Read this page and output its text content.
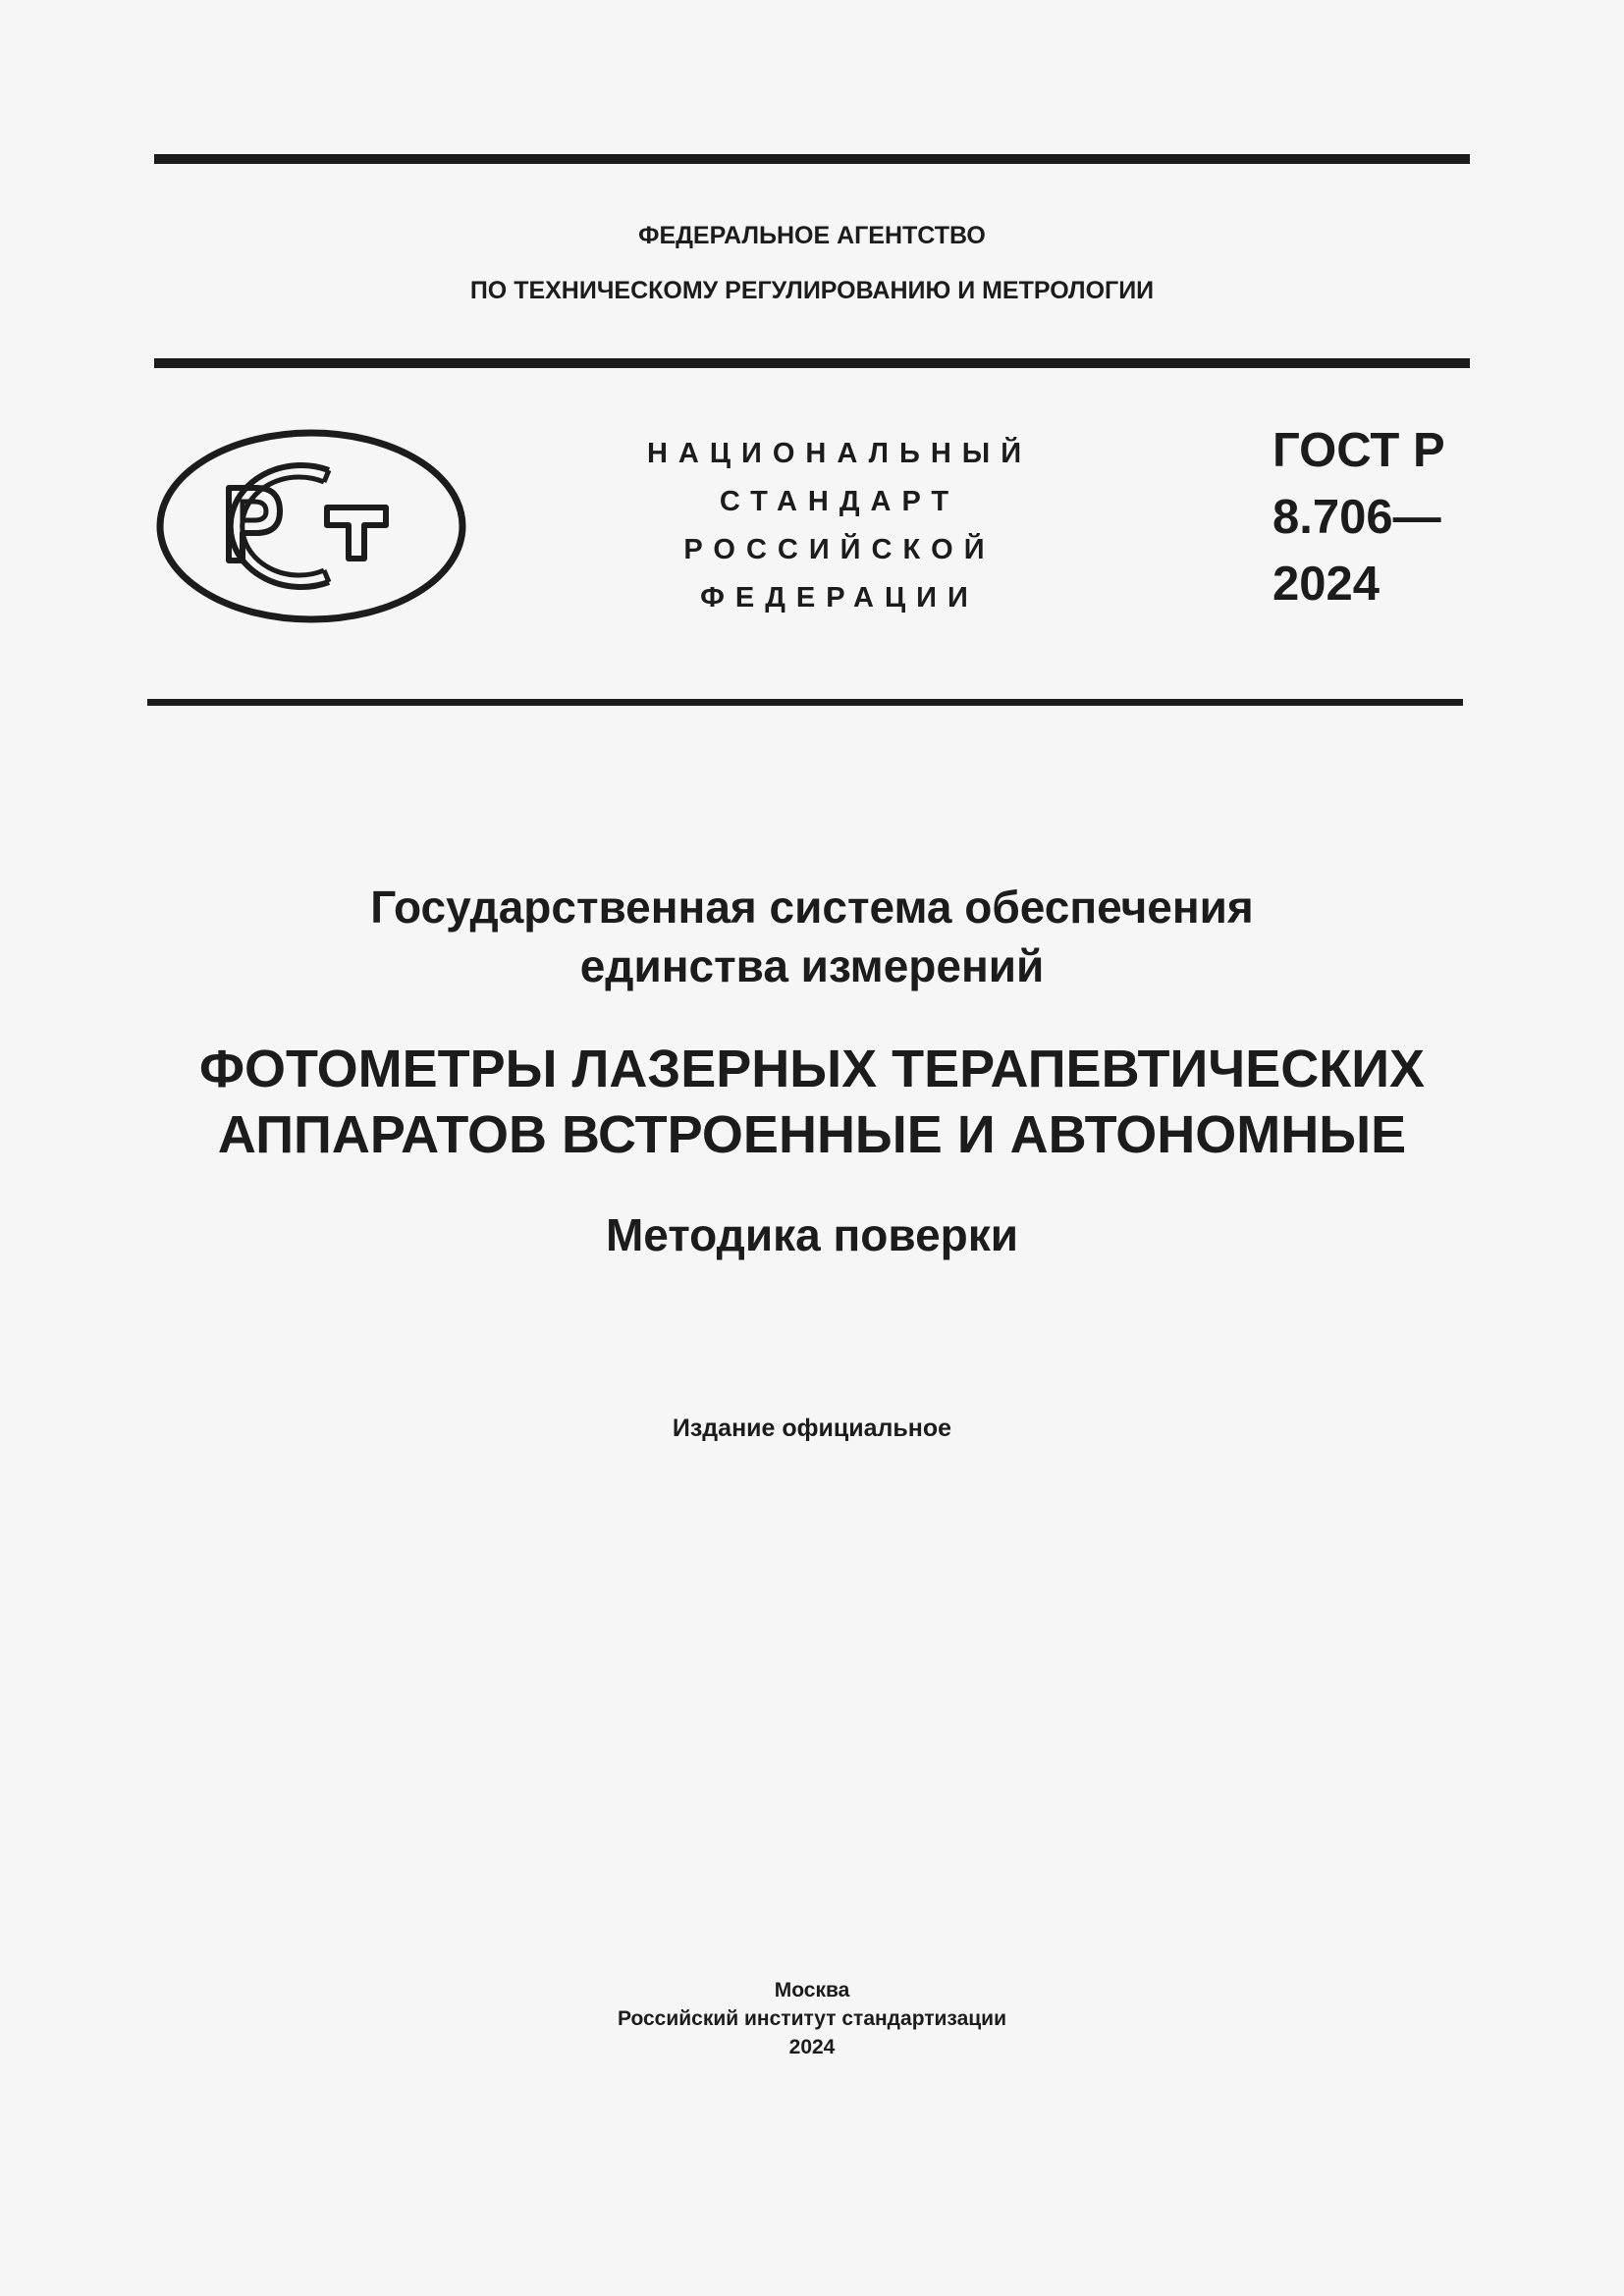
ФЕДЕРАЛЬНОЕ АГЕНТСТВО
ПО ТЕХНИЧЕСКОМУ РЕГУЛИРОВАНИЮ И МЕТРОЛОГИИ
НАЦИОНАЛЬНЫЙ
СТАНДАРТ
РОССИЙСКОЙ
ФЕДЕРАЦИИ
ГОСТ Р
8.706—
2024
Государственная система обеспечения
единства измерений
ФОТОМЕТРЫ ЛАЗЕРНЫХ ТЕРАПЕВТИЧЕСКИХ
АППАРАТОВ ВСТРОЕННЫЕ И АВТОНОМНЫЕ
Методика поверки
Издание официальное
Москва
Российский институт стандартизации
2024
